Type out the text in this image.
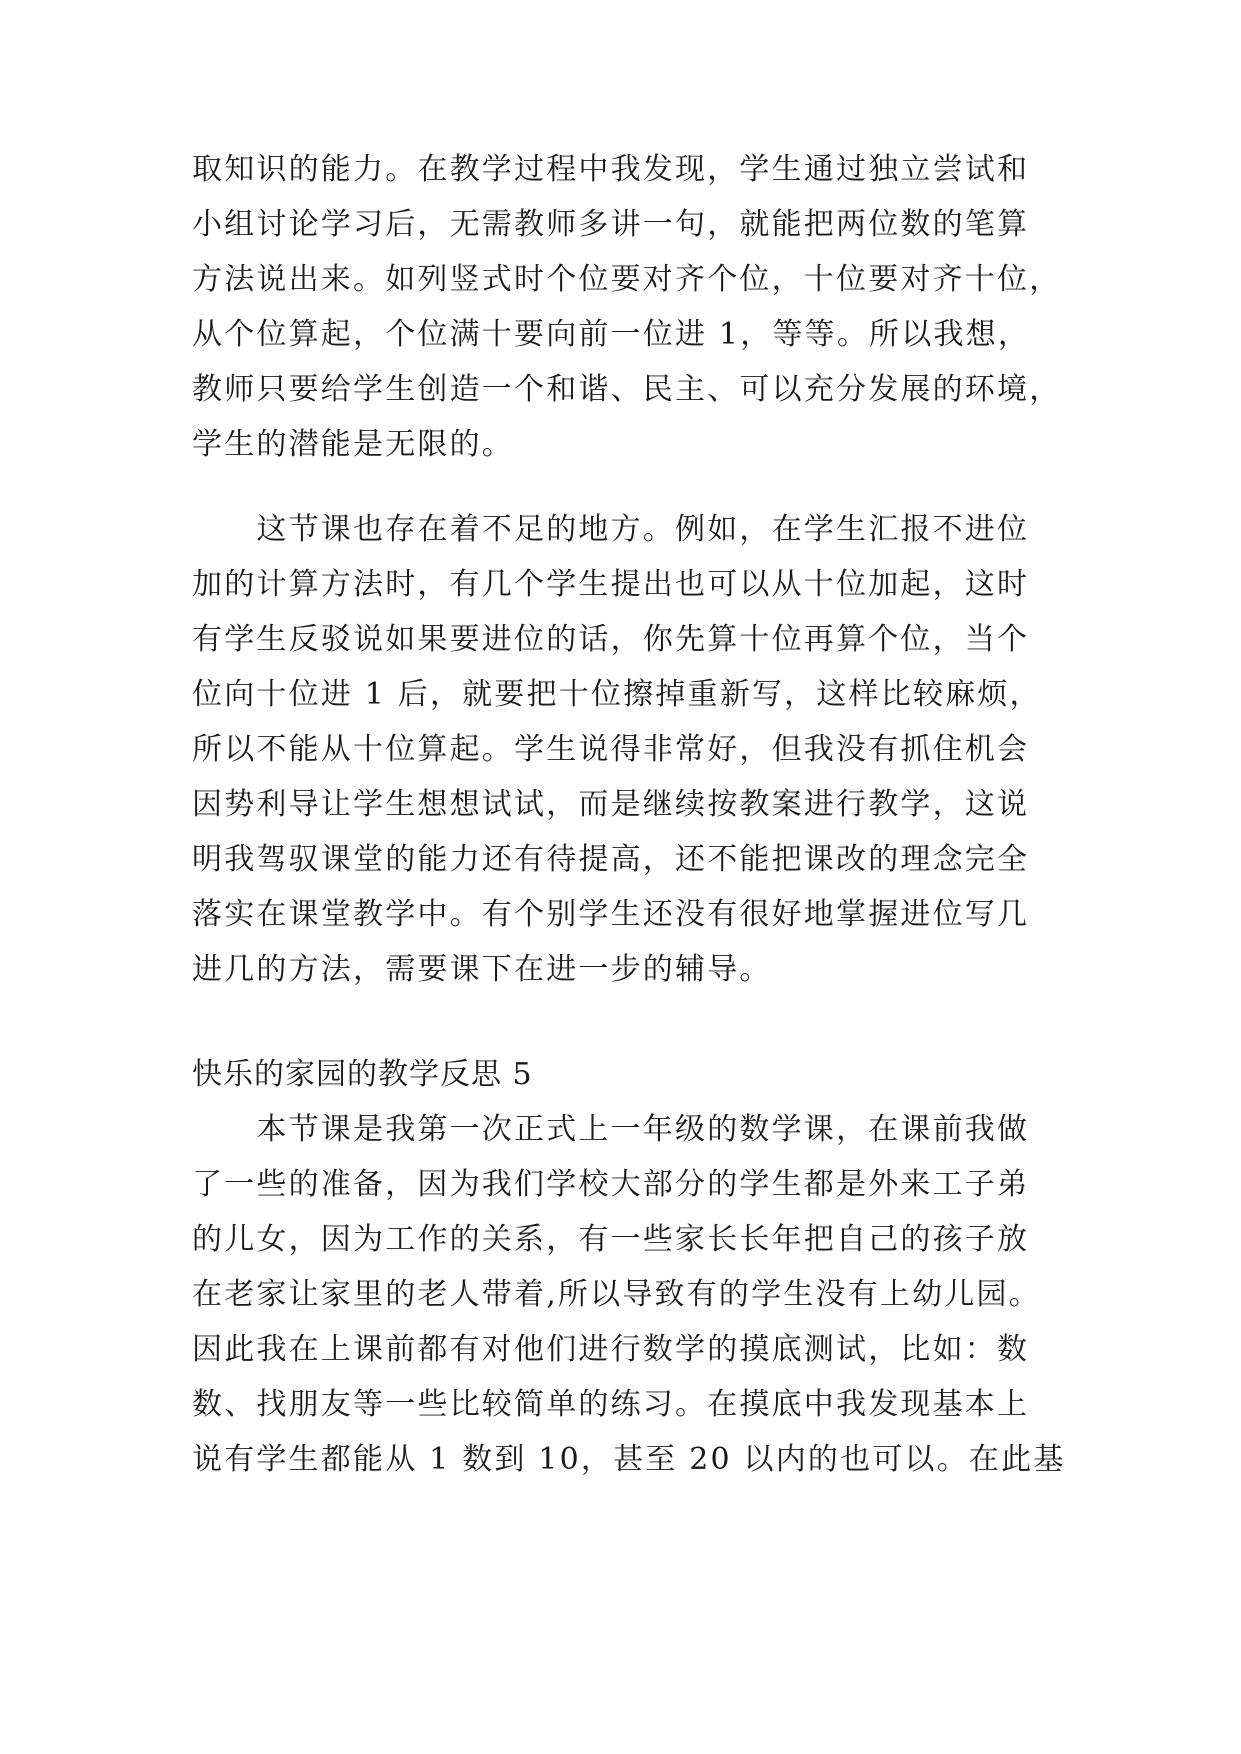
取知识的能力。在教学过程中我发现，学生通过独立尝试和
小组讨论学习后，无需教师多讲一句，就能把两位数的笔算
方法说出来。如列竖式时个位要对齐个位，十位要对齐十位，
从个位算起，个位满十要向前一位进 1，等等。所以我想，
教师只要给学生创造一个和谐、民主、可以充分发展的环境，
学生的潜能是无限的。
　　这节课也存在着不足的地方。例如，在学生汇报不进位
加的计算方法时，有几个学生提出也可以从十位加起，这时
有学生反驳说如果要进位的话，你先算十位再算个位，当个
位向十位进 1 后，就要把十位擦掉重新写，这样比较麻烦，
所以不能从十位算起。学生说得非常好，但我没有抓住机会
因势利导让学生想想试试，而是继续按教案进行教学，这说
明我驾驭课堂的能力还有待提高，还不能把课改的理念完全
落实在课堂教学中。有个别学生还没有很好地掌握进位写几
进几的方法，需要课下在进一步的辅导。
快乐的家园的教学反思 5
　　本节课是我第一次正式上一年级的数学课，在课前我做
了一些的准备，因为我们学校大部分的学生都是外来工子弟
的儿女，因为工作的关系，有一些家长长年把自己的孩子放
在老家让家里的老人带着,所以导致有的学生没有上幼儿园。
因此我在上课前都有对他们进行数学的摸底测试，比如：数
数、找朋友等一些比较简单的练习。在摸底中我发现基本上
说有学生都能从 1 数到 10，甚至 20 以内的也可以。在此基
